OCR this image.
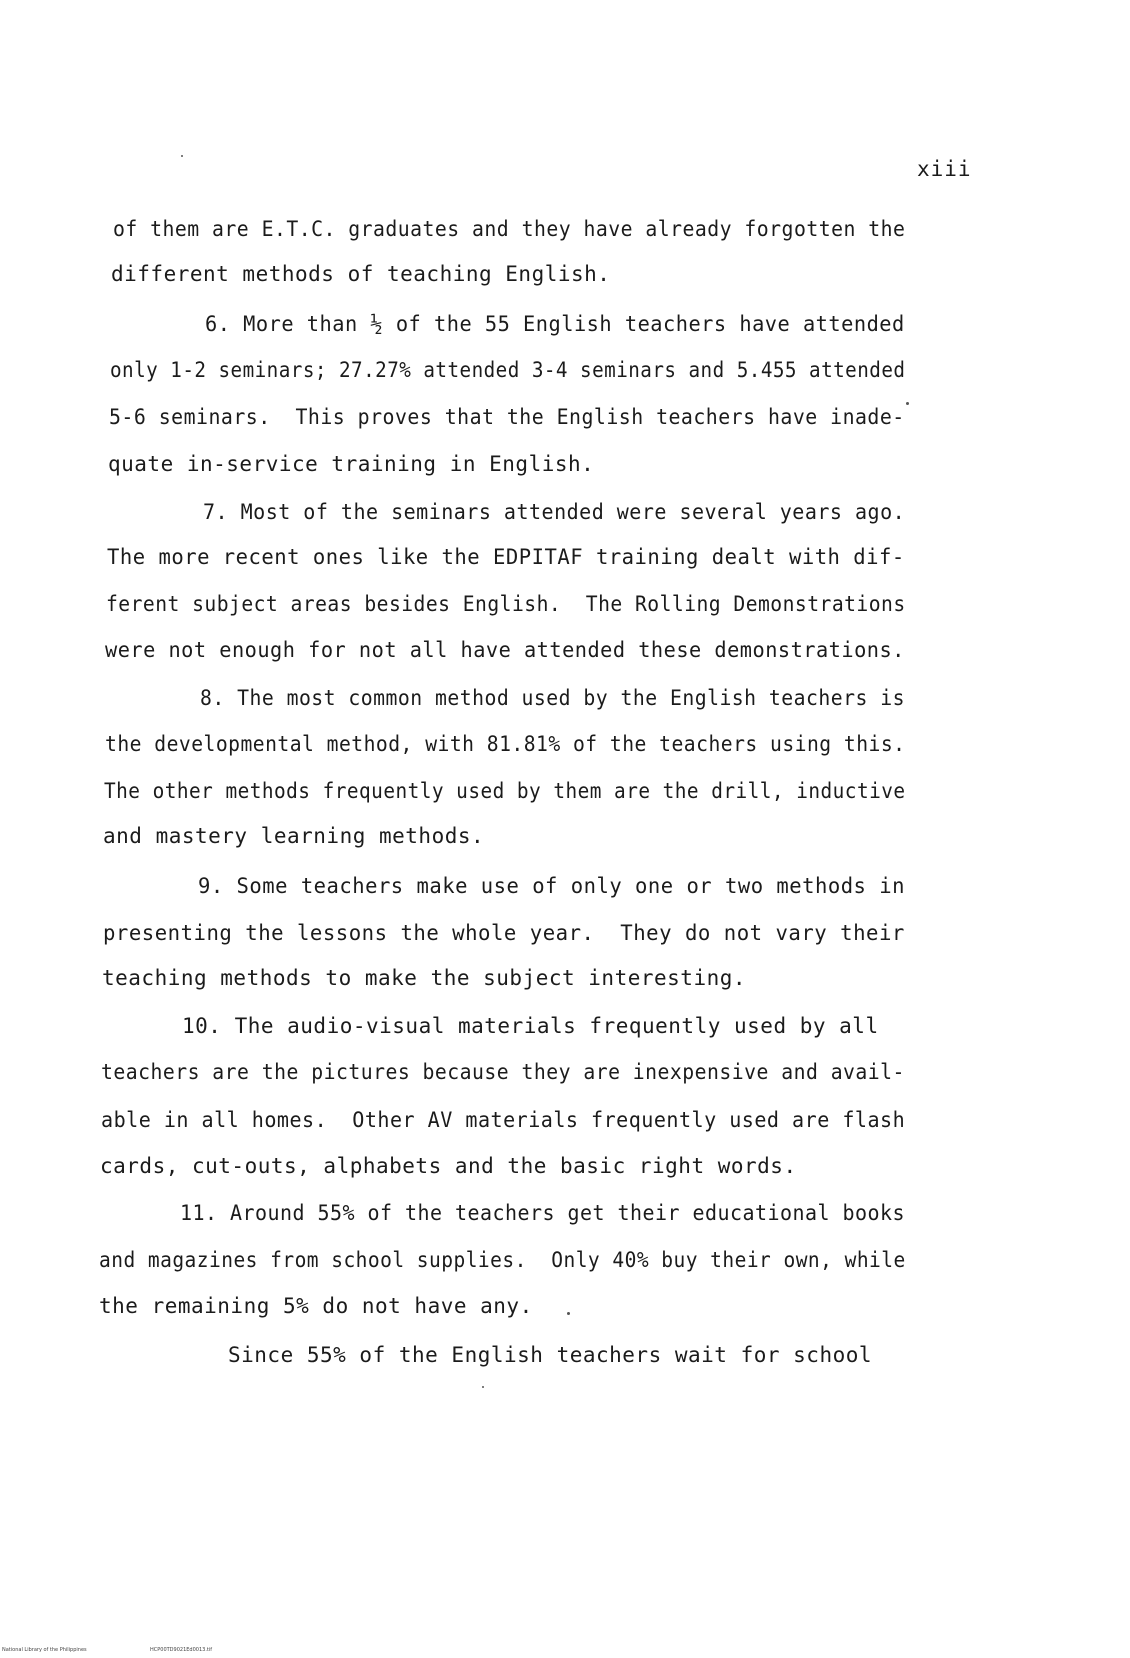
xiii
of them are E.T.C. graduates and they have already forgotten the
different methods of teaching English.
6. More than ½ of the 55 English teachers have attended
only 1-2 seminars; 27.27% attended 3-4 seminars and 5.455 attended
5-6 seminars.  This proves that the English teachers have inade-
quate in-service training in English.
7. Most of the seminars attended were several years ago.
The more recent ones like the EDPITAF training dealt with dif-
ferent subject areas besides English.  The Rolling Demonstrations
were not enough for not all have attended these demonstrations.
8. The most common method used by the English teachers is
the developmental method, with 81.81% of the teachers using this.
The other methods frequently used by them are the drill, inductive
and mastery learning methods.
9. Some teachers make use of only one or two methods in
presenting the lessons the whole year.  They do not vary their
teaching methods to make the subject interesting.
10. The audio-visual materials frequently used by all
teachers are the pictures because they are inexpensive and avail-
able in all homes.  Other AV materials frequently used are flash
cards, cut-outs, alphabets and the basic right words.
11. Around 55% of the teachers get their educational books
and magazines from school supplies.  Only 40% buy their own, while
the remaining 5% do not have any.
Since 55% of the English teachers wait for school
National Library of the Philippines	HCP00TD9021Ed0013.tif
